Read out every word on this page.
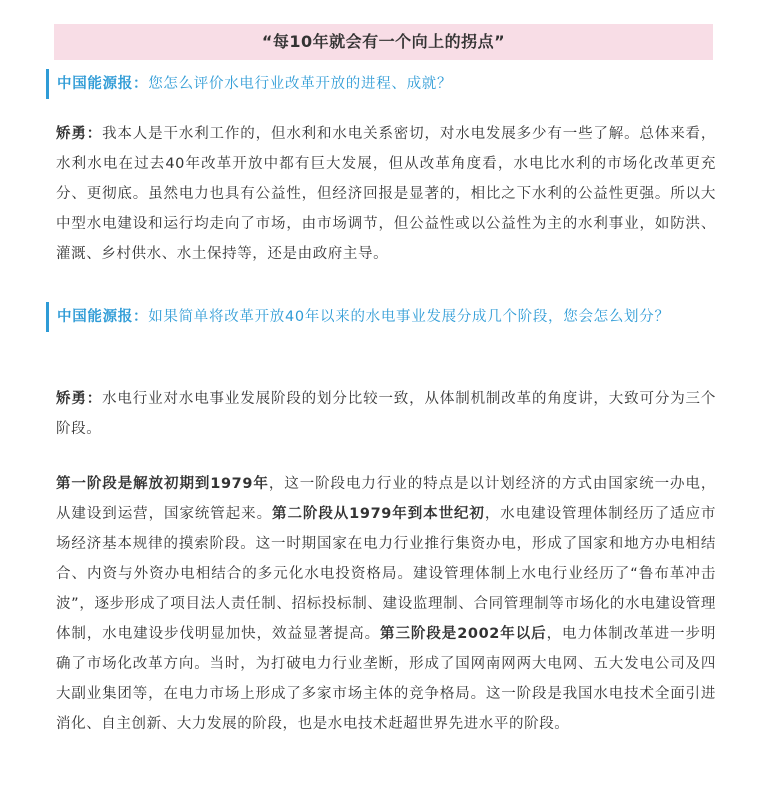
“每10年就会有一个向上的拐点”
中国能源报：您怎么评价水电行业改革开放的进程、成就？
矫勇：我本人是干水利工作的，但水利和水电关系密切，对水电发展多少有一些了解。总体来看，水利水电在过去40年改革开放中都有巨大发展，但从改革角度看，水电比水利的市场化改革更充分、更彻底。虽然电力也具有公益性，但经济回报是显著的，相比之下水利的公益性更强。所以大中型水电建设和运行均走向了市场，由市场调节，但公益性或以公益性为主的水利事业，如防洪、灌溉、乡村供水、水土保持等，还是由政府主导。
中国能源报：如果简单将改革开放40年以来的水电事业发展分成几个阶段，您会怎么划分？
矫勇：水电行业对水电事业发展阶段的划分比较一致，从体制机制改革的角度讲，大致可分为三个阶段。
第一阶段是解放初期到1979年，这一阶段电力行业的特点是以计划经济的方式由国家统一办电，从建设到运营，国家统管起来。第二阶段从1979年到本世纪初，水电建设管理体制经历了适应市场经济基本规律的摸索阶段。这一时期国家在电力行业推行集资办电，形成了国家和地方办电相结合、内资与外资办电相结合的多元化水电投资格局。建设管理体制上水电行业经历了“鲁布革冲击波”，逐步形成了项目法人责任制、招标投标制、建设监理制、合同管理制等市场化的水电建设管理体制，水电建设步伐明显加快，效益显著提高。第三阶段是2002年以后，电力体制改革进一步明确了市场化改革方向。当时，为打破电力行业垄断，形成了国网南网两大电网、五大发电公司及四大副业集团等，在电力市场上形成了多家市场主体的竞争格局。这一阶段是我国水电技术全面引进消化、自主创新、大力发展的阶段，也是水电技术赶超世界先进水平的阶段。
